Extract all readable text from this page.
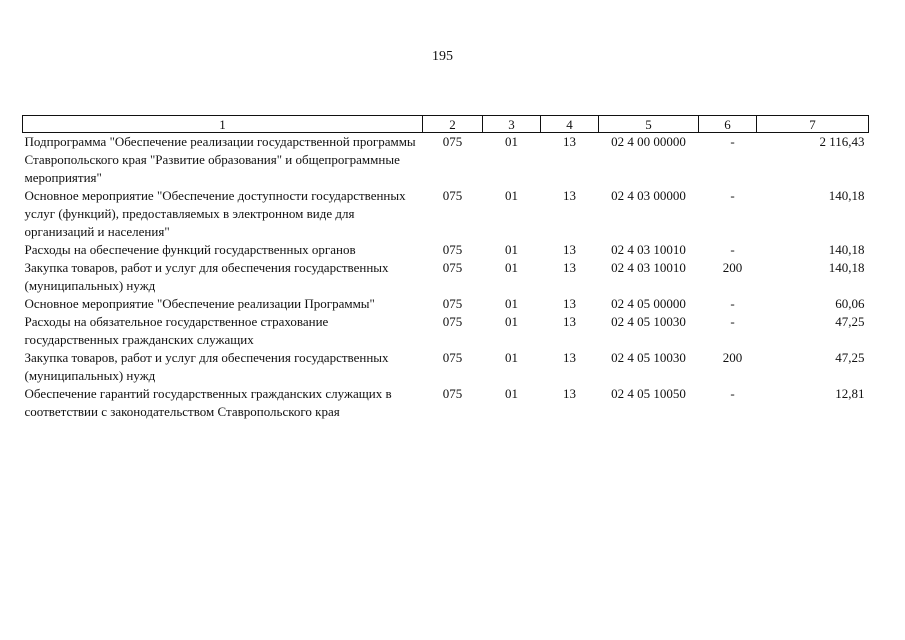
195
1	2	3	4	5	6	7
Подпрограмма "Обеспечение реализации государственной программы Ставропольского края "Развитие образования" и общепрограммные мероприятия"	075	01	13	02 4 00 00000	-	2 116,43
Основное мероприятие "Обеспечение доступности государственных услуг (функций), предоставляемых в электронном виде для организаций и населения"	075	01	13	02 4 03 00000	-	140,18
Расходы на обеспечение функций государственных органов	075	01	13	02 4 03 10010	-	140,18
Закупка товаров, работ и услуг для обеспечения государственных (муниципальных) нужд	075	01	13	02 4 03 10010	200	140,18
Основное мероприятие "Обеспечение реализации Программы"	075	01	13	02 4 05 00000	-	60,06
Расходы на обязательное государственное страхование государственных гражданских служащих	075	01	13	02 4 05 10030	-	47,25
Закупка товаров, работ и услуг для обеспечения государственных (муниципальных) нужд	075	01	13	02 4 05 10030	200	47,25
Обеспечение гарантий государственных гражданских служащих в соответствии с законодательством Ставропольского края	075	01	13	02 4 05 10050	-	12,81
